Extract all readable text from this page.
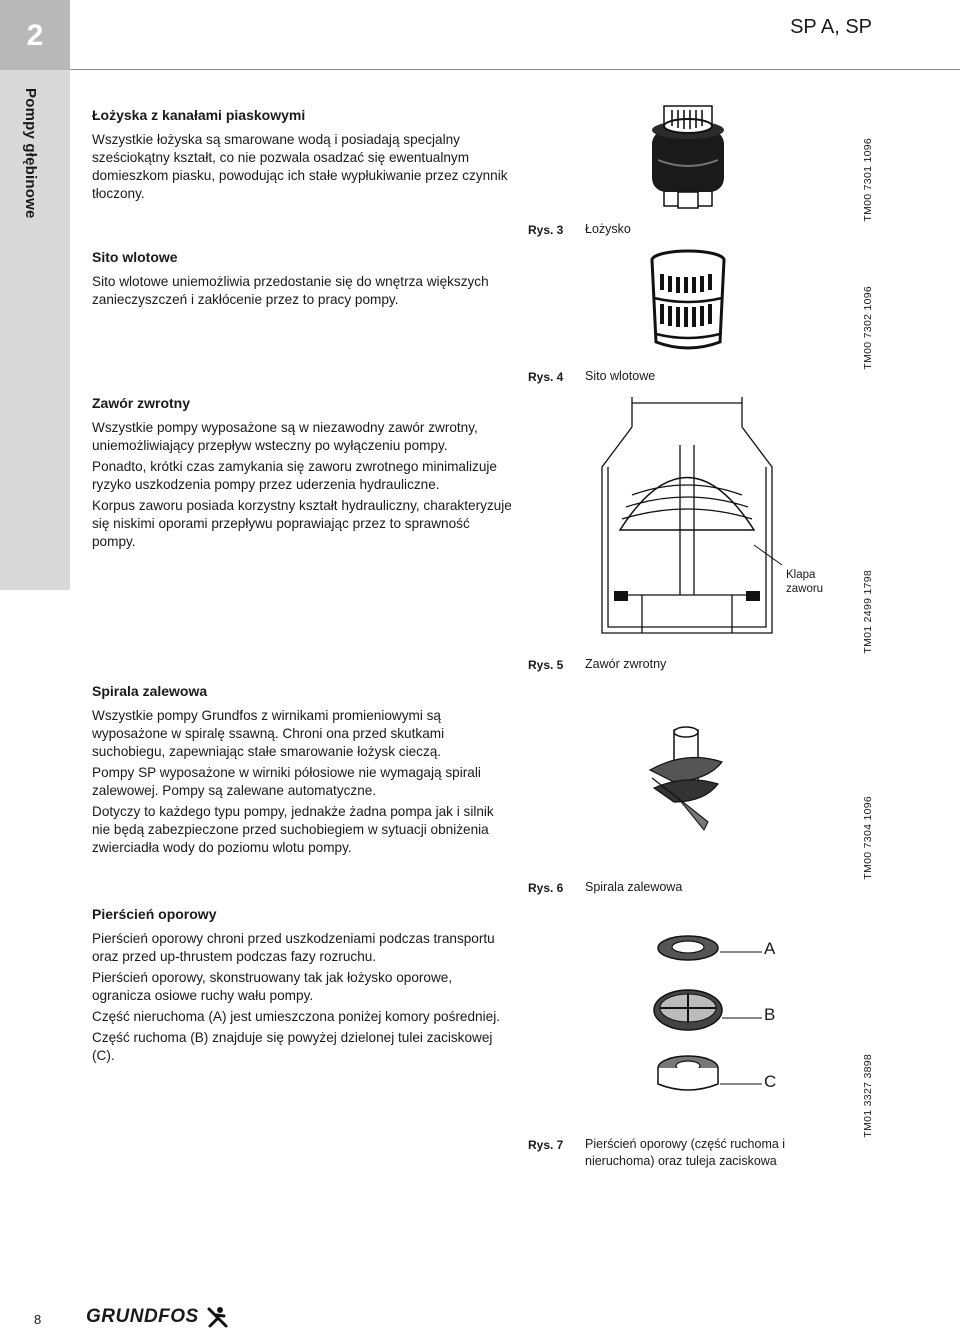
2	SP A, SP
Pompy głębinowe	Łożyska z kanałami piaskowymi

Wszystkie łożyska są smarowane wodą i posiadają specjalny sześciokątny kształt, co nie pozwala osadzać się ewentualnym domieszkom piasku, powodując ich stałe wypłukiwanie przez czynnik tłoczony.

Sito wlotowe

Sito wlotowe uniemożliwia przedostanie się do wnętrza większych zanieczyszczeń i zakłócenie przez to pracy pompy.

Zawór zwrotny

Wszystkie pompy wyposażone są w niezawodny zawór zwrotny, uniemożliwiający przepływ wsteczny po wyłączeniu pompy.

Ponadto, krótki czas zamykania się zaworu zwrotnego minimalizuje ryzyko uszkodzenia pompy przez uderzenia hydrauliczne.

Korpus zaworu posiada korzystny kształt hydrauliczny, charakteryzuje się niskimi oporami przepływu poprawiając przez to sprawność pompy.

Spirala zalewowa

Wszystkie pompy Grundfos z wirnikami promieniowymi są wyposażone w spiralę ssawną. Chroni ona przed skutkami suchobiegu, zapewniając stałe smarowanie łożysk cieczą.

Pompy SP wyposażone w wirniki półosiowe nie wymagają spirali zalewowej. Pompy są zalewane automatyczne.

Dotyczy to każdego typu pompy, jednakże żadna pompa jak i silnik nie będą zabezpieczone przed suchobiegiem w sytuacji obniżenia zwierciadła wody do poziomu wlotu pompy.

Pierścień oporowy

Pierścień oporowy chroni przed uszkodzeniami podczas transportu oraz przed up-thrustem podczas fazy rozruchu.

Pierścień oporowy, skonstruowany tak jak łożysko oporowe, ogranicza osiowe ruchy wału pompy.

Część nieruchoma (A) jest umieszczona poniżej komory pośredniej.

Część ruchoma (B) znajduje się powyżej dzielonej tulei zaciskowej (C).

Rys. 3 Łożysko
TM00 7301 1096
Rys. 4 Sito wlotowe
TM00 7302 1096
Klapa zaworu
Rys. 5 Zawór zwrotny
TM01 2499 1798
Rys. 6 Spirala zalewowa
TM00 7304 1096
A
B
C
Rys. 7 Pierścień oporowy (część ruchoma i nieruchoma) oraz tuleja zaciskowa
TM01 3327 3898
8 GRUNDFOS
